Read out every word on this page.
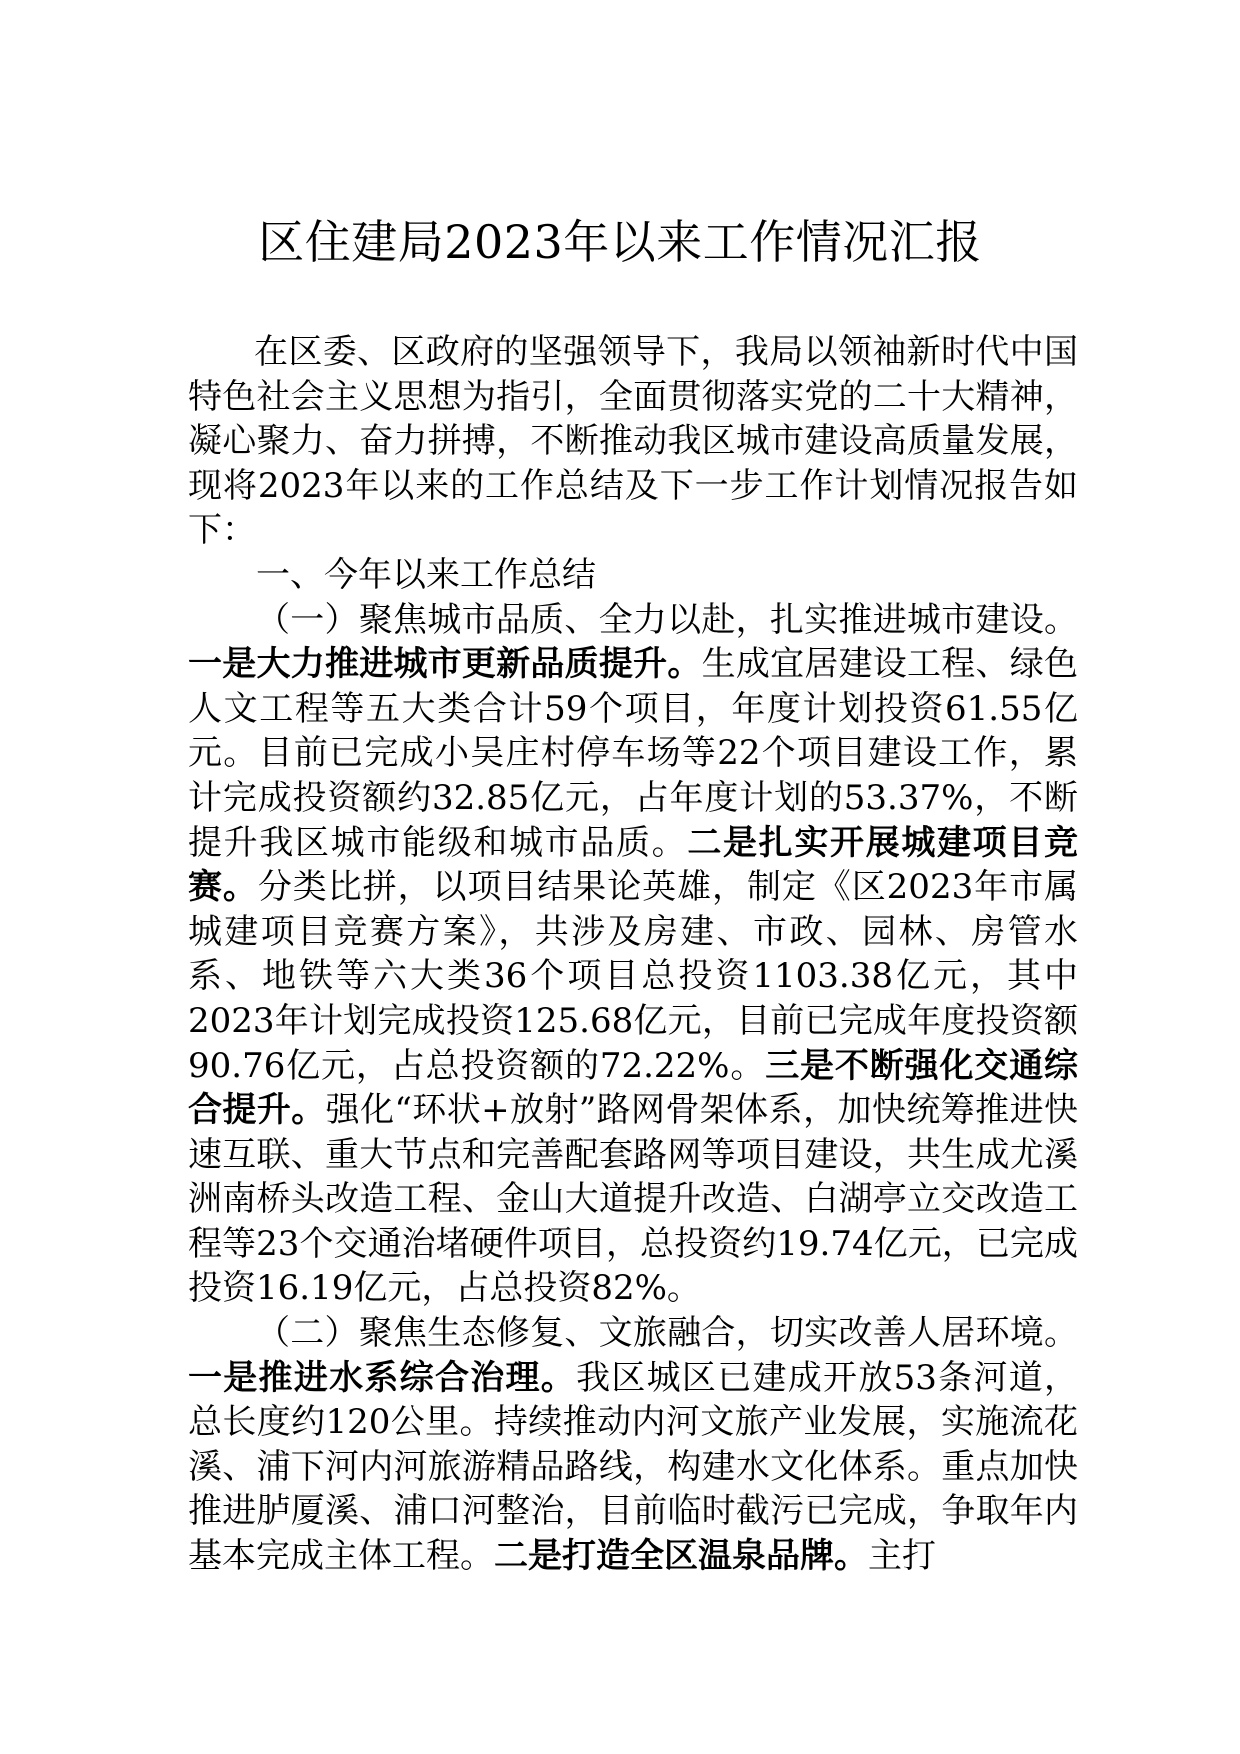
区住建局2023年以来工作情况汇报

在区委、区政府的坚强领导下，我局以领袖新时代中国特色社会主义思想为指引，全面贯彻落实党的二十大精神，凝心聚力、奋力拼搏，不断推动我区城市建设高质量发展，现将2023年以来的工作总结及下一步工作计划情况报告如下：

一、今年以来工作总结

（一）聚焦城市品质、全力以赴，扎实推进城市建设。一是大力推进城市更新品质提升。生成宜居建设工程、绿色人文工程等五大类合计59个项目，年度计划投资61.55亿元。目前已完成小吴庄村停车场等22个项目建设工作，累计完成投资额约32.85亿元，占年度计划的53.37%，不断提升我区城市能级和城市品质。二是扎实开展城建项目竞赛。分类比拼，以项目结果论英雄，制定《区2023年市属城建项目竞赛方案》，共涉及房建、市政、园林、房管水系、地铁等六大类36个项目总投资1103.38亿元，其中2023年计划完成投资125.68亿元，目前已完成年度投资额90.76亿元，占总投资额的72.22%。三是不断强化交通综合提升。强化“环状+放射”路网骨架体系，加快统筹推进快速互联、重大节点和完善配套路网等项目建设，共生成尤溪洲南桥头改造工程、金山大道提升改造、白湖亭立交改造工程等23个交通治堵硬件项目，总投资约19.74亿元，已完成投资16.19亿元，占总投资82%。

（二）聚焦生态修复、文旅融合，切实改善人居环境。一是推进水系综合治理。我区城区已建成开放53条河道，总长度约120公里。持续推动内河文旅产业发展，实施流花溪、浦下河内河旅游精品路线，构建水文化体系。重点加快推进胪厦溪、浦口河整治，目前临时截污已完成，争取年内基本完成主体工程。二是打造全区温泉品牌。主打
